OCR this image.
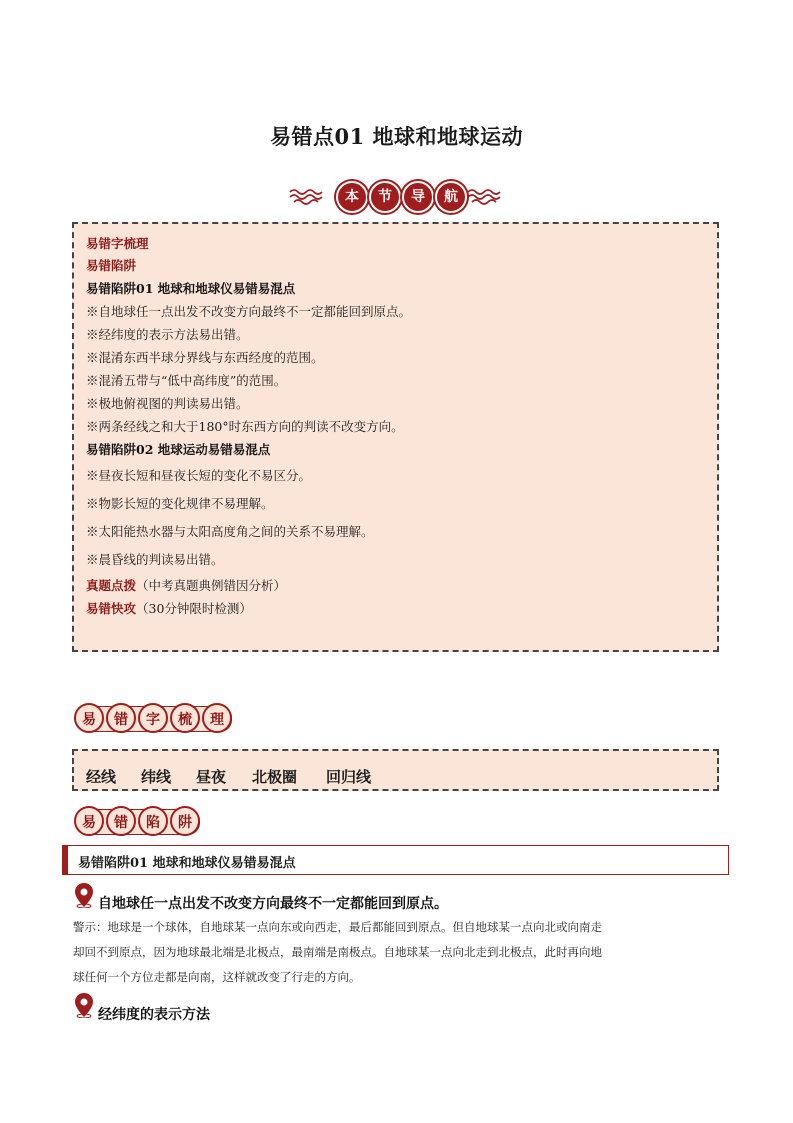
易错点01 地球和地球运动
本	节	导	航
易错字梳理
易错陷阱
易错陷阱01 地球和地球仪易错易混点
※自地球任一点出发不改变方向最终不一定都能回到原点。
※经纬度的表示方法易出错。
※混淆东西半球分界线与东西经度的范围。
※混淆五带与“低中高纬度”的范围。
※极地俯视图的判读易出错。
※两条经线之和大于180°时东西方向的判读不改变方向。
易错陷阱02 地球运动易错易混点
※昼夜长短和昼夜长短的变化不易区分。
※物影长短的变化规律不易理解。
※太阳能热水器与太阳高度角之间的关系不易理解。
※晨昏线的判读易出错。
真题点拨（中考真题典例错因分析）
易错快攻（30分钟限时检测）
易	错	字	梳	理
经线 纬线 昼夜 北极圈 回归线
易	错	陷	阱
易错陷阱01 地球和地球仪易错易混点
自地球任一点出发不改变方向最终不一定都能回到原点。
警示：地球是一个球体，自地球某一点向东或向西走，最后都能回到原点。但自地球某一点向北或向南走
却回不到原点，因为地球最北端是北极点，最南端是南极点。自地球某一点向北走到北极点，此时再向地
球任何一个方位走都是向南，这样就改变了行走的方向。
经纬度的表示方法
